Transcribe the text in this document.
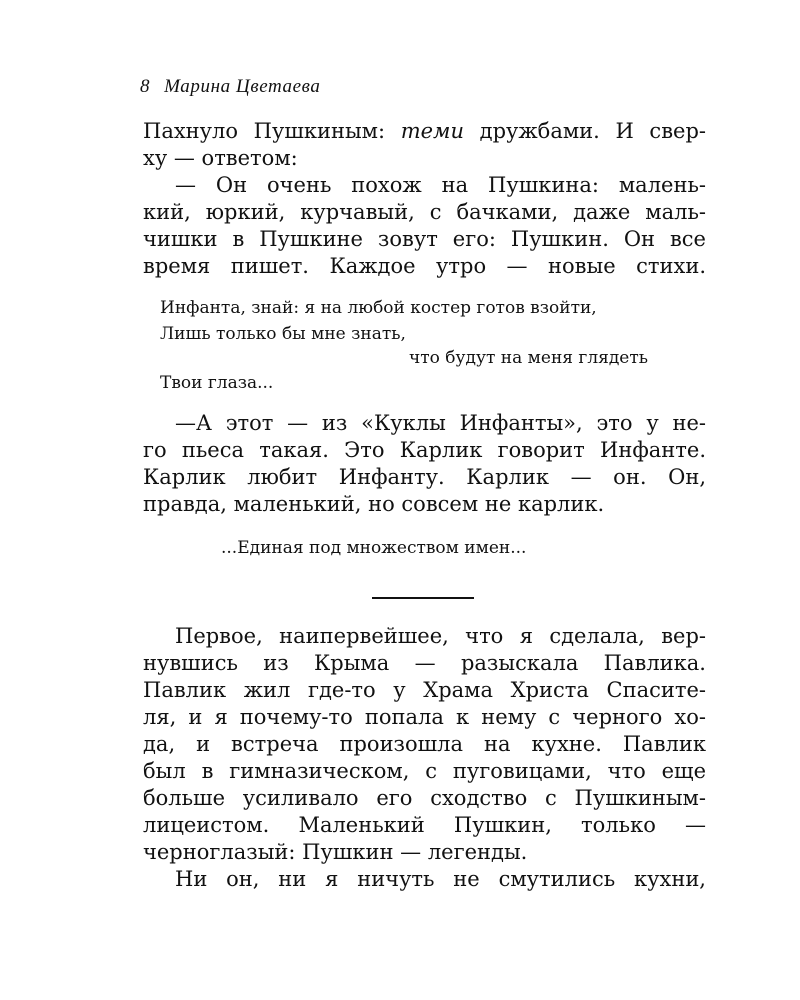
8 Марина Цветаева
Пахнуло Пушкиным: теми дружбами. И свер-
ху — ответом:
— Он очень похож на Пушкина: малень-
кий, юркий, курчавый, с бачками, даже маль-
чишки в Пушкине зовут его: Пушкин. Он все
время пишет. Каждое утро — новые стихи.
Инфанта, знай: я на любой костер готов взойти,
Лишь только бы мне знать,
что будут на меня глядеть
Твои глаза...
—А этот — из «Куклы Инфанты», это у не-
го пьеса такая. Это Карлик говорит Инфанте.
Карлик любит Инфанту. Карлик — он. Он,
правда, маленький, но совсем не карлик.
...Единая под множеством имен...
Первое, наипервейшее, что я сделала, вер-
нувшись из Крыма — разыскала Павлика.
Павлик жил где-то у Храма Христа Спасите-
ля, и я почему-то попала к нему с черного хо-
да, и встреча произошла на кухне. Павлик
был в гимназическом, с пуговицами, что еще
больше усиливало его сходство с Пушкиным-
лицеистом. Маленький Пушкин, только —
черноглазый: Пушкин — легенды.
Ни он, ни я ничуть не смутились кухни,
